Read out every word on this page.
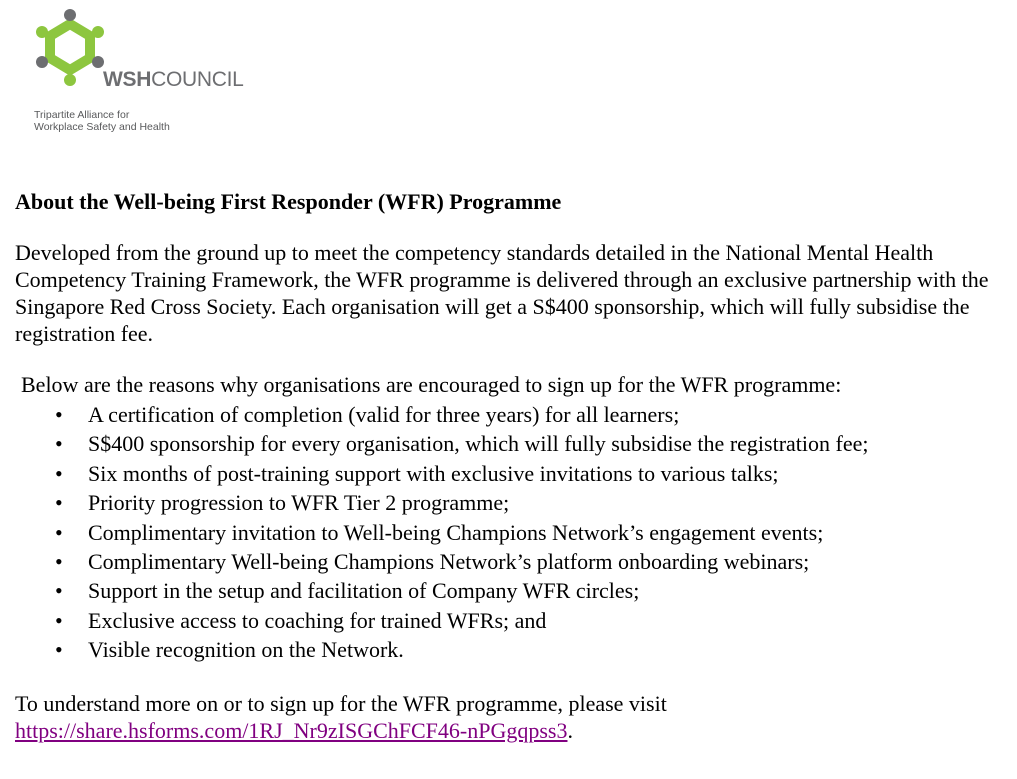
WSHCOUNCIL
Tripartite Alliance for
Workplace Safety and Health
About the Well-being First Responder (WFR) Programme

Developed from the ground up to meet the competency standards detailed in the National Mental Health Competency Training Framework, the WFR programme is delivered through an exclusive partnership with the Singapore Red Cross Society. Each organisation will get a S$400 sponsorship, which will fully subsidise the registration fee.

Below are the reasons why organisations are encouraged to sign up for the WFR programme:

• A certification of completion (valid for three years) for all learners;
• S$400 sponsorship for every organisation, which will fully subsidise the registration fee;
• Six months of post-training support with exclusive invitations to various talks;
• Priority progression to WFR Tier 2 programme;
• Complimentary invitation to Well-being Champions Network’s engagement events;
• Complimentary Well-being Champions Network’s platform onboarding webinars;
• Support in the setup and facilitation of Company WFR circles;
• Exclusive access to coaching for trained WFRs; and
• Visible recognition on the Network.

To understand more on or to sign up for the WFR programme, please visit
https://share.hsforms.com/1RJ_Nr9zISGChFCF46-nPGgqpss3.
